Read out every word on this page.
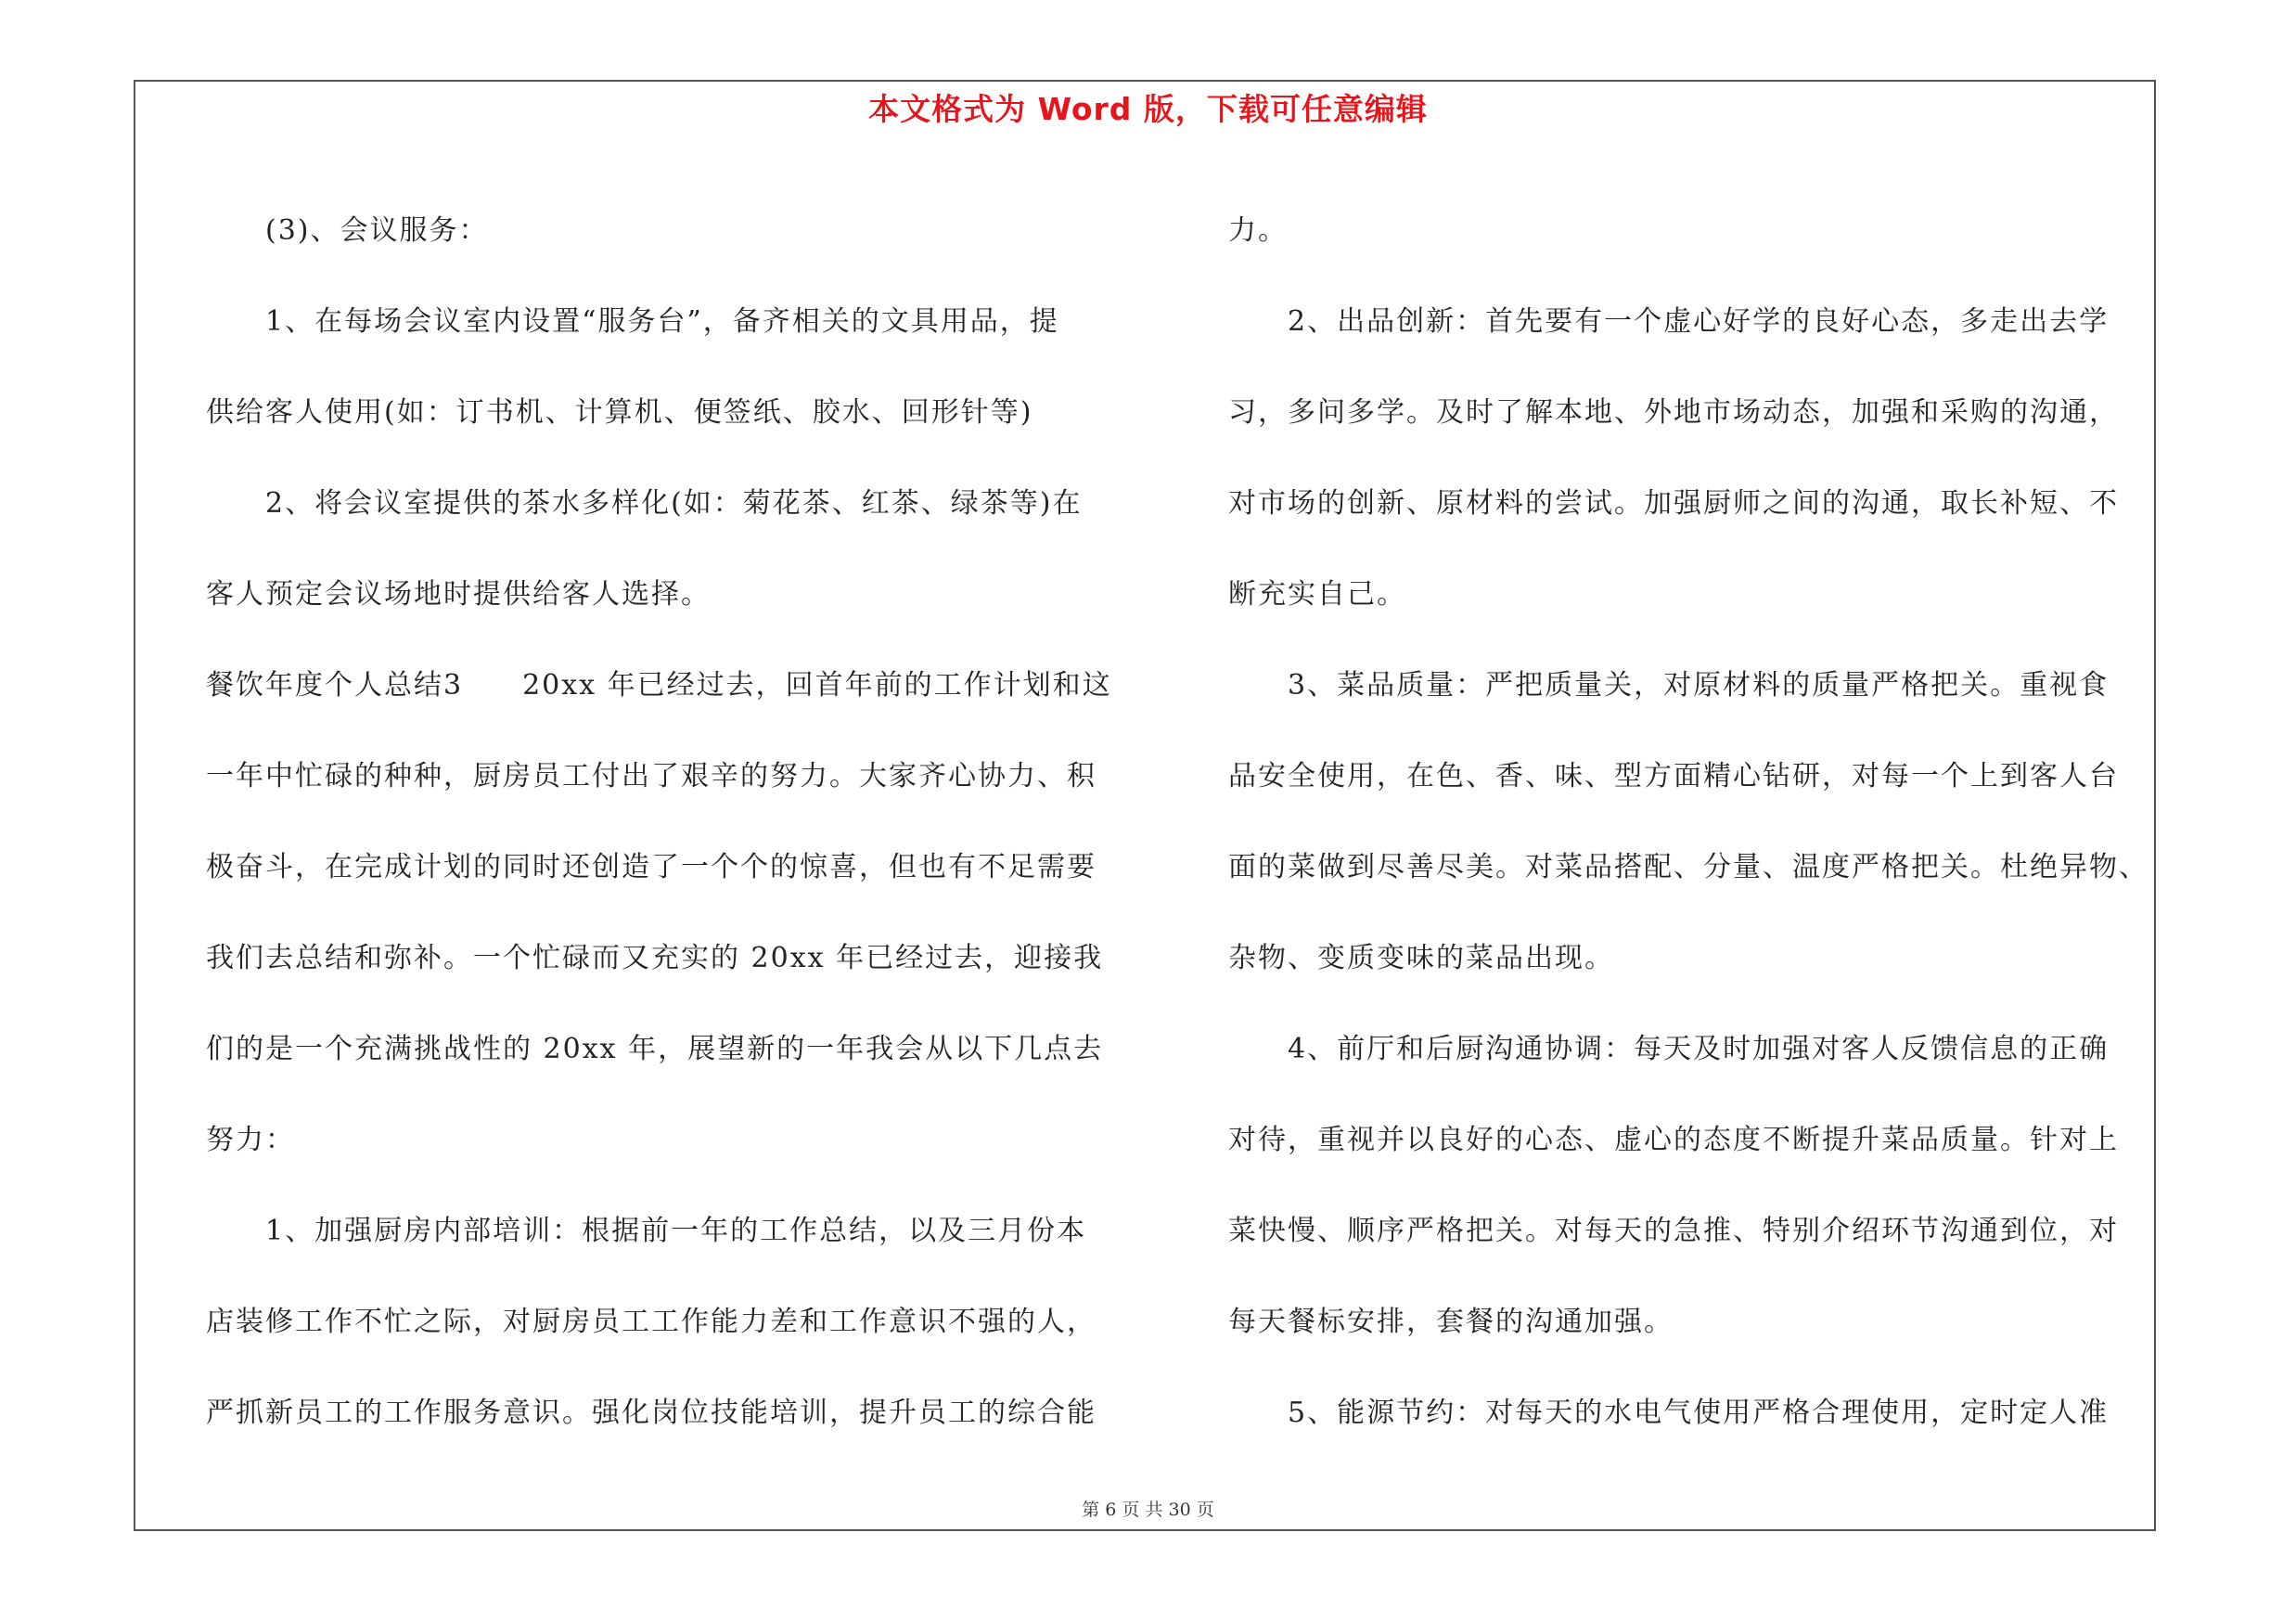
本文格式为 Word 版，下载可任意编辑

(3)、会议服务：

1、在每场会议室内设置“服务台”，备齐相关的文具用品，提

供给客人使用(如：订书机、计算机、便签纸、胶水、回形针等)

2、将会议室提供的茶水多样化(如：菊花茶、红茶、绿茶等)在

客人预定会议场地时提供给客人选择。

餐饮年度个人总结3　　20xx 年已经过去，回首年前的工作计划和这

一年中忙碌的种种，厨房员工付出了艰辛的努力。大家齐心协力、积

极奋斗，在完成计划的同时还创造了一个个的惊喜，但也有不足需要

我们去总结和弥补。一个忙碌而又充实的 20xx 年已经过去，迎接我

们的是一个充满挑战性的 20xx 年，展望新的一年我会从以下几点去

努力：

1、加强厨房内部培训：根据前一年的工作总结，以及三月份本

店装修工作不忙之际，对厨房员工工作能力差和工作意识不强的人，

严抓新员工的工作服务意识。强化岗位技能培训，提升员工的综合能

力。

2、出品创新：首先要有一个虚心好学的良好心态，多走出去学

习，多问多学。及时了解本地、外地市场动态，加强和采购的沟通，

对市场的创新、原材料的尝试。加强厨师之间的沟通，取长补短、不

断充实自己。

3、菜品质量：严把质量关，对原材料的质量严格把关。重视食

品安全使用，在色、香、味、型方面精心钻研，对每一个上到客人台

面的菜做到尽善尽美。对菜品搭配、分量、温度严格把关。杜绝异物、

杂物、变质变味的菜品出现。

4、前厅和后厨沟通协调：每天及时加强对客人反馈信息的正确

对待，重视并以良好的心态、虚心的态度不断提升菜品质量。针对上

菜快慢、顺序严格把关。对每天的急推、特别介绍环节沟通到位，对

每天餐标安排，套餐的沟通加强。

5、能源节约：对每天的水电气使用严格合理使用，定时定人准

第 6 页 共 30 页
